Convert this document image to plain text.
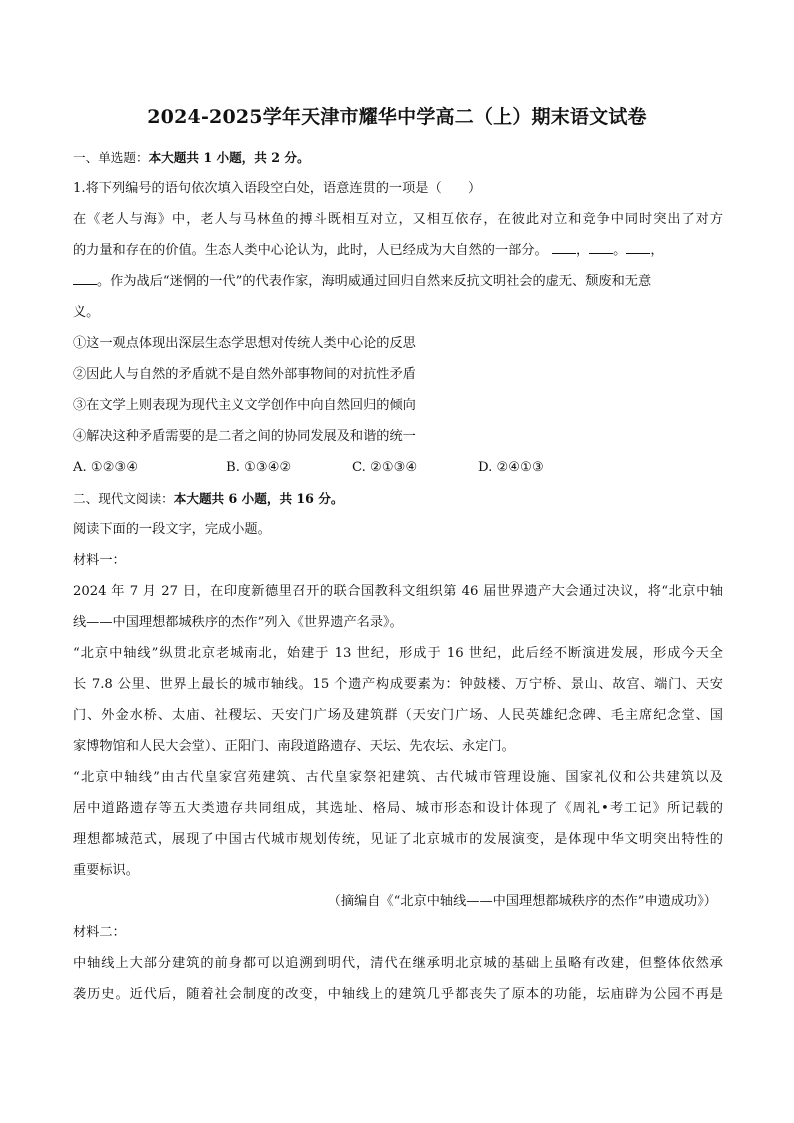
2024-2025学年天津市耀华中学高二（上）期末语文试卷
一、单选题：本大题共 1 小题，共 2 分。
1.将下列编号的语句依次填入语段空白处，语意连贯的一项是（　　）
在《老人与海》中，老人与马林鱼的搏斗既相互对立，又相互依存，在彼此对立和竞争中同时突出了对方
的力量和存在的价值。生态人类中心论认为，此时，人已经成为大自然的一部分。 ， 。 ，
。作为战后“迷惘的一代”的代表作家，海明威通过回归自然来反抗文明社会的虚无、颓废和无意
义。
①这一观点体现出深层生态学思想对传统人类中心论的反思
②因此人与自然的矛盾就不是自然外部事物间的对抗性矛盾
③在文学上则表现为现代主义文学创作中向自然回归的倾向
④解决这种矛盾需要的是二者之间的协同发展及和谐的统一
A. ①②③④	B. ①③④②	C. ②①③④	D. ②④①③
二、现代文阅读：本大题共 6 小题，共 16 分。
阅读下面的一段文字，完成小题。
材料一：
2024 年 7 月 27 日，在印度新德里召开的联合国教科文组织第 46 届世界遗产大会通过决议，将“北京中轴
线——中国理想都城秩序的杰作”列入《世界遗产名录》。
“北京中轴线”纵贯北京老城南北，始建于 13 世纪，形成于 16 世纪，此后经不断演进发展，形成今天全
长 7.8 公里、世界上最长的城市轴线。15 个遗产构成要素为：钟鼓楼、万宁桥、景山、故宫、端门、天安
门、外金水桥、太庙、社稷坛、天安门广场及建筑群（天安门广场、人民英雄纪念碑、毛主席纪念堂、国
家博物馆和人民大会堂）、正阳门、南段道路遗存、天坛、先农坛、永定门。
“北京中轴线”由古代皇家宫苑建筑、古代皇家祭祀建筑、古代城市管理设施、国家礼仪和公共建筑以及
居中道路遗存等五大类遗存共同组成，其选址、格局、城市形态和设计体现了《周礼•考工记》所记载的
理想都城范式，展现了中国古代城市规划传统，见证了北京城市的发展演变，是体现中华文明突出特性的
重要标识。
（摘编自《“北京中轴线——中国理想都城秩序的杰作”申遗成功》）
材料二：
中轴线上大部分建筑的前身都可以追溯到明代，清代在继承明北京城的基础上虽略有改建，但整体依然承
袭历史。近代后，随着社会制度的改变，中轴线上的建筑几乎都丧失了原本的功能，坛庙辟为公园不再是
